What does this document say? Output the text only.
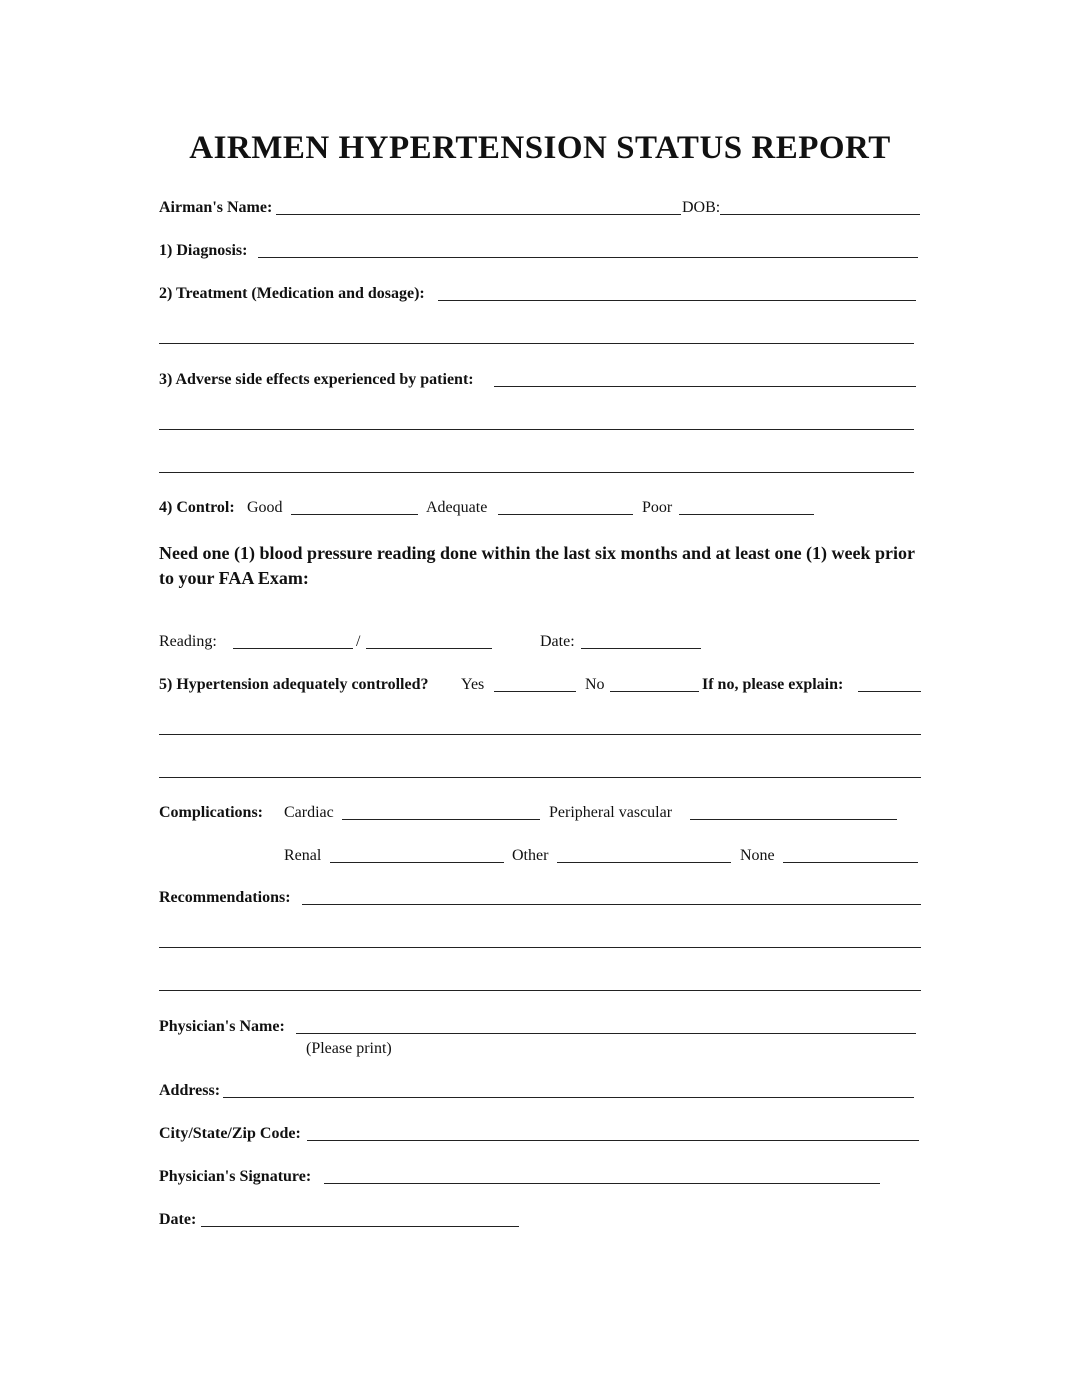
AIRMEN HYPERTENSION STATUS REPORT
Airman's Name:	DOB:
1) Diagnosis:
2) Treatment (Medication and dosage):
3) Adverse side effects experienced by patient:
4) Control: Good	Adequate	Poor
Need one (1) blood pressure reading done within the last six months and at least one (1) week prior to your FAA Exam:
Reading:	/	Date:
5) Hypertension adequately controlled? Yes	No	If no, please explain:
Complications: Cardiac	Peripheral vascular
Renal	Other	None
Recommendations:
Physician's Name:
(Please print)
Address:
City/State/Zip Code:
Physician's Signature:
Date:
